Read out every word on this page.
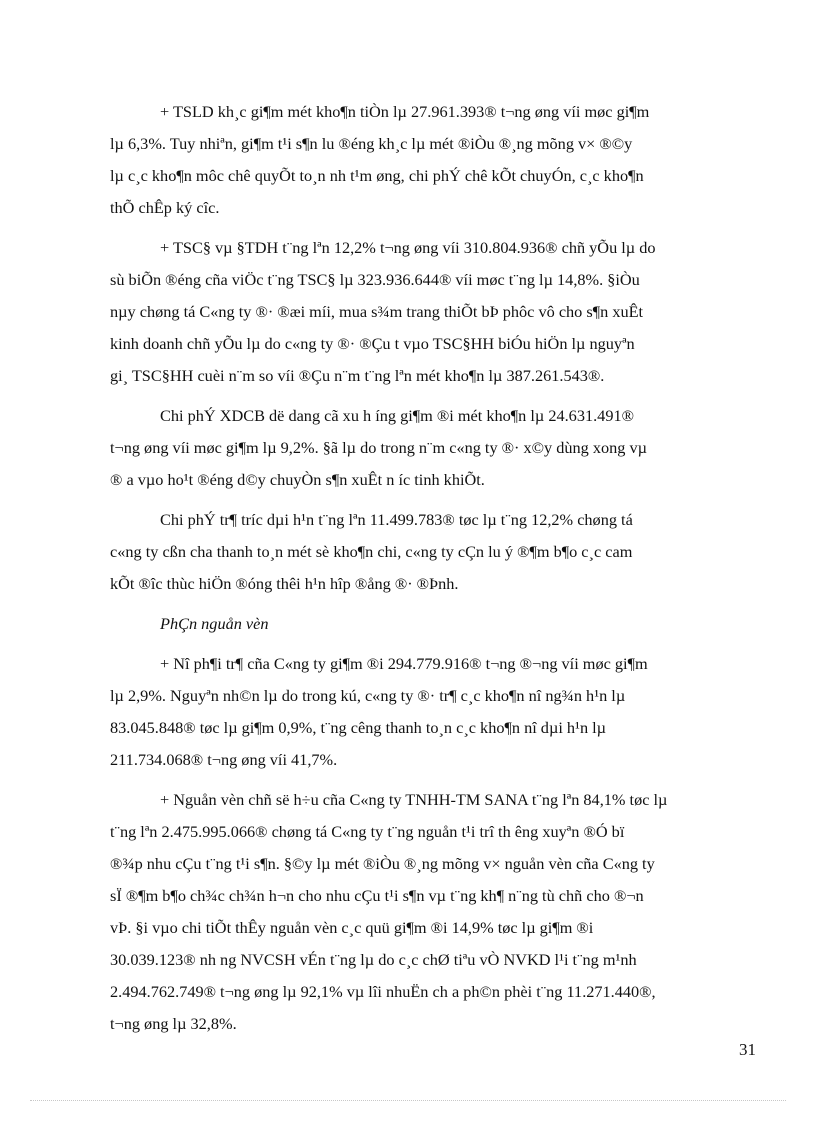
+ TSLD kh¸c gi¶m mét kho¶n tiÒn lµ 27.961.393® t¬ng øng víi møc gi¶m
lµ 6,3%. Tuy nhiªn, gi¶m t¹i s¶n lu ®éng kh¸c lµ mét ®iÒu ®¸ng mõng v× ®©y
lµ c¸c kho¶n môc chê quyÕt to¸n nh t¹m øng, chi phÝ chê kÕt chuyÓn, c¸c kho¶n
thÕ chÊp ký cîc.
+ TSC§ vµ §TDH t¨ng lªn 12,2% t¬ng øng víi 310.804.936® chñ yÕu lµ do
sù biÕn ®éng cña viÖc t¨ng TSC§ lµ 323.936.644® víi møc t¨ng lµ 14,8%. §iÒu
nµy chøng tá C«ng ty ®· ®æi míi, mua s¾m trang thiÕt bÞ phôc vô cho s¶n xuÊt
kinh doanh chñ yÕu lµ do c«ng ty ®· ®Çu t vµo TSC§HH biÓu hiÖn lµ nguyªn
gi¸ TSC§HH cuèi n¨m so víi ®Çu n¨m t¨ng lªn mét kho¶n lµ 387.261.543®.
Chi phÝ XDCB dë dang cã xu h íng gi¶m ®i mét kho¶n lµ 24.631.491®
t¬ng øng víi møc gi¶m lµ 9,2%. §ã lµ do trong n¨m c«ng ty ®· x©y dùng xong vµ
® a vµo ho¹t ®éng d©y chuyÒn s¶n xuÊt n íc tinh khiÕt.
Chi phÝ tr¶ tríc dµi h¹n t¨ng lªn 11.499.783® tøc lµ t¨ng 12,2% chøng tá
c«ng ty cßn cha thanh to¸n mét sè kho¶n chi, c«ng ty cÇn lu ý ®¶m b¶o c¸c cam
kÕt ®îc thùc hiÖn ®óng thêi h¹n hîp ®ång ®· ®Þnh.
PhÇn nguån vèn
+ Nî ph¶i tr¶ cña C«ng ty gi¶m ®i 294.779.916® t¬ng ®¬ng víi møc gi¶m
lµ 2,9%. Nguyªn nh©n lµ do trong kú, c«ng ty ®· tr¶ c¸c kho¶n nî ng¾n h¹n lµ
83.045.848® tøc lµ gi¶m 0,9%, t¨ng cêng thanh to¸n c¸c kho¶n nî dµi h¹n lµ
211.734.068® t¬ng øng víi 41,7%.
+ Nguån vèn chñ së h÷u cña C«ng ty TNHH-TM SANA t¨ng lªn 84,1% tøc lµ
t¨ng lªn 2.475.995.066® chøng tá C«ng ty t¨ng nguån t¹i trî th êng xuyªn ®Ó bï
®¾p nhu cÇu t¨ng t¹i s¶n. §©y lµ mét ®iÒu ®¸ng mõng v× nguån vèn cña C«ng ty
sÏ ®¶m b¶o ch¾c ch¾n h¬n cho nhu cÇu t¹i s¶n vµ t¨ng kh¶ n¨ng tù chñ cho ®¬n
vÞ. §i vµo chi tiÕt thÊy nguån vèn c¸c quü gi¶m ®i 14,9% tøc lµ gi¶m ®i
30.039.123® nh ng NVCSH vÉn t¨ng lµ do c¸c chØ tiªu vÒ NVKD l¹i t¨ng m¹nh
2.494.762.749® t¬ng øng lµ 92,1% vµ lîi nhuËn ch a ph©n phèi t¨ng 11.271.440®,
t¬ng øng lµ 32,8%.
31
